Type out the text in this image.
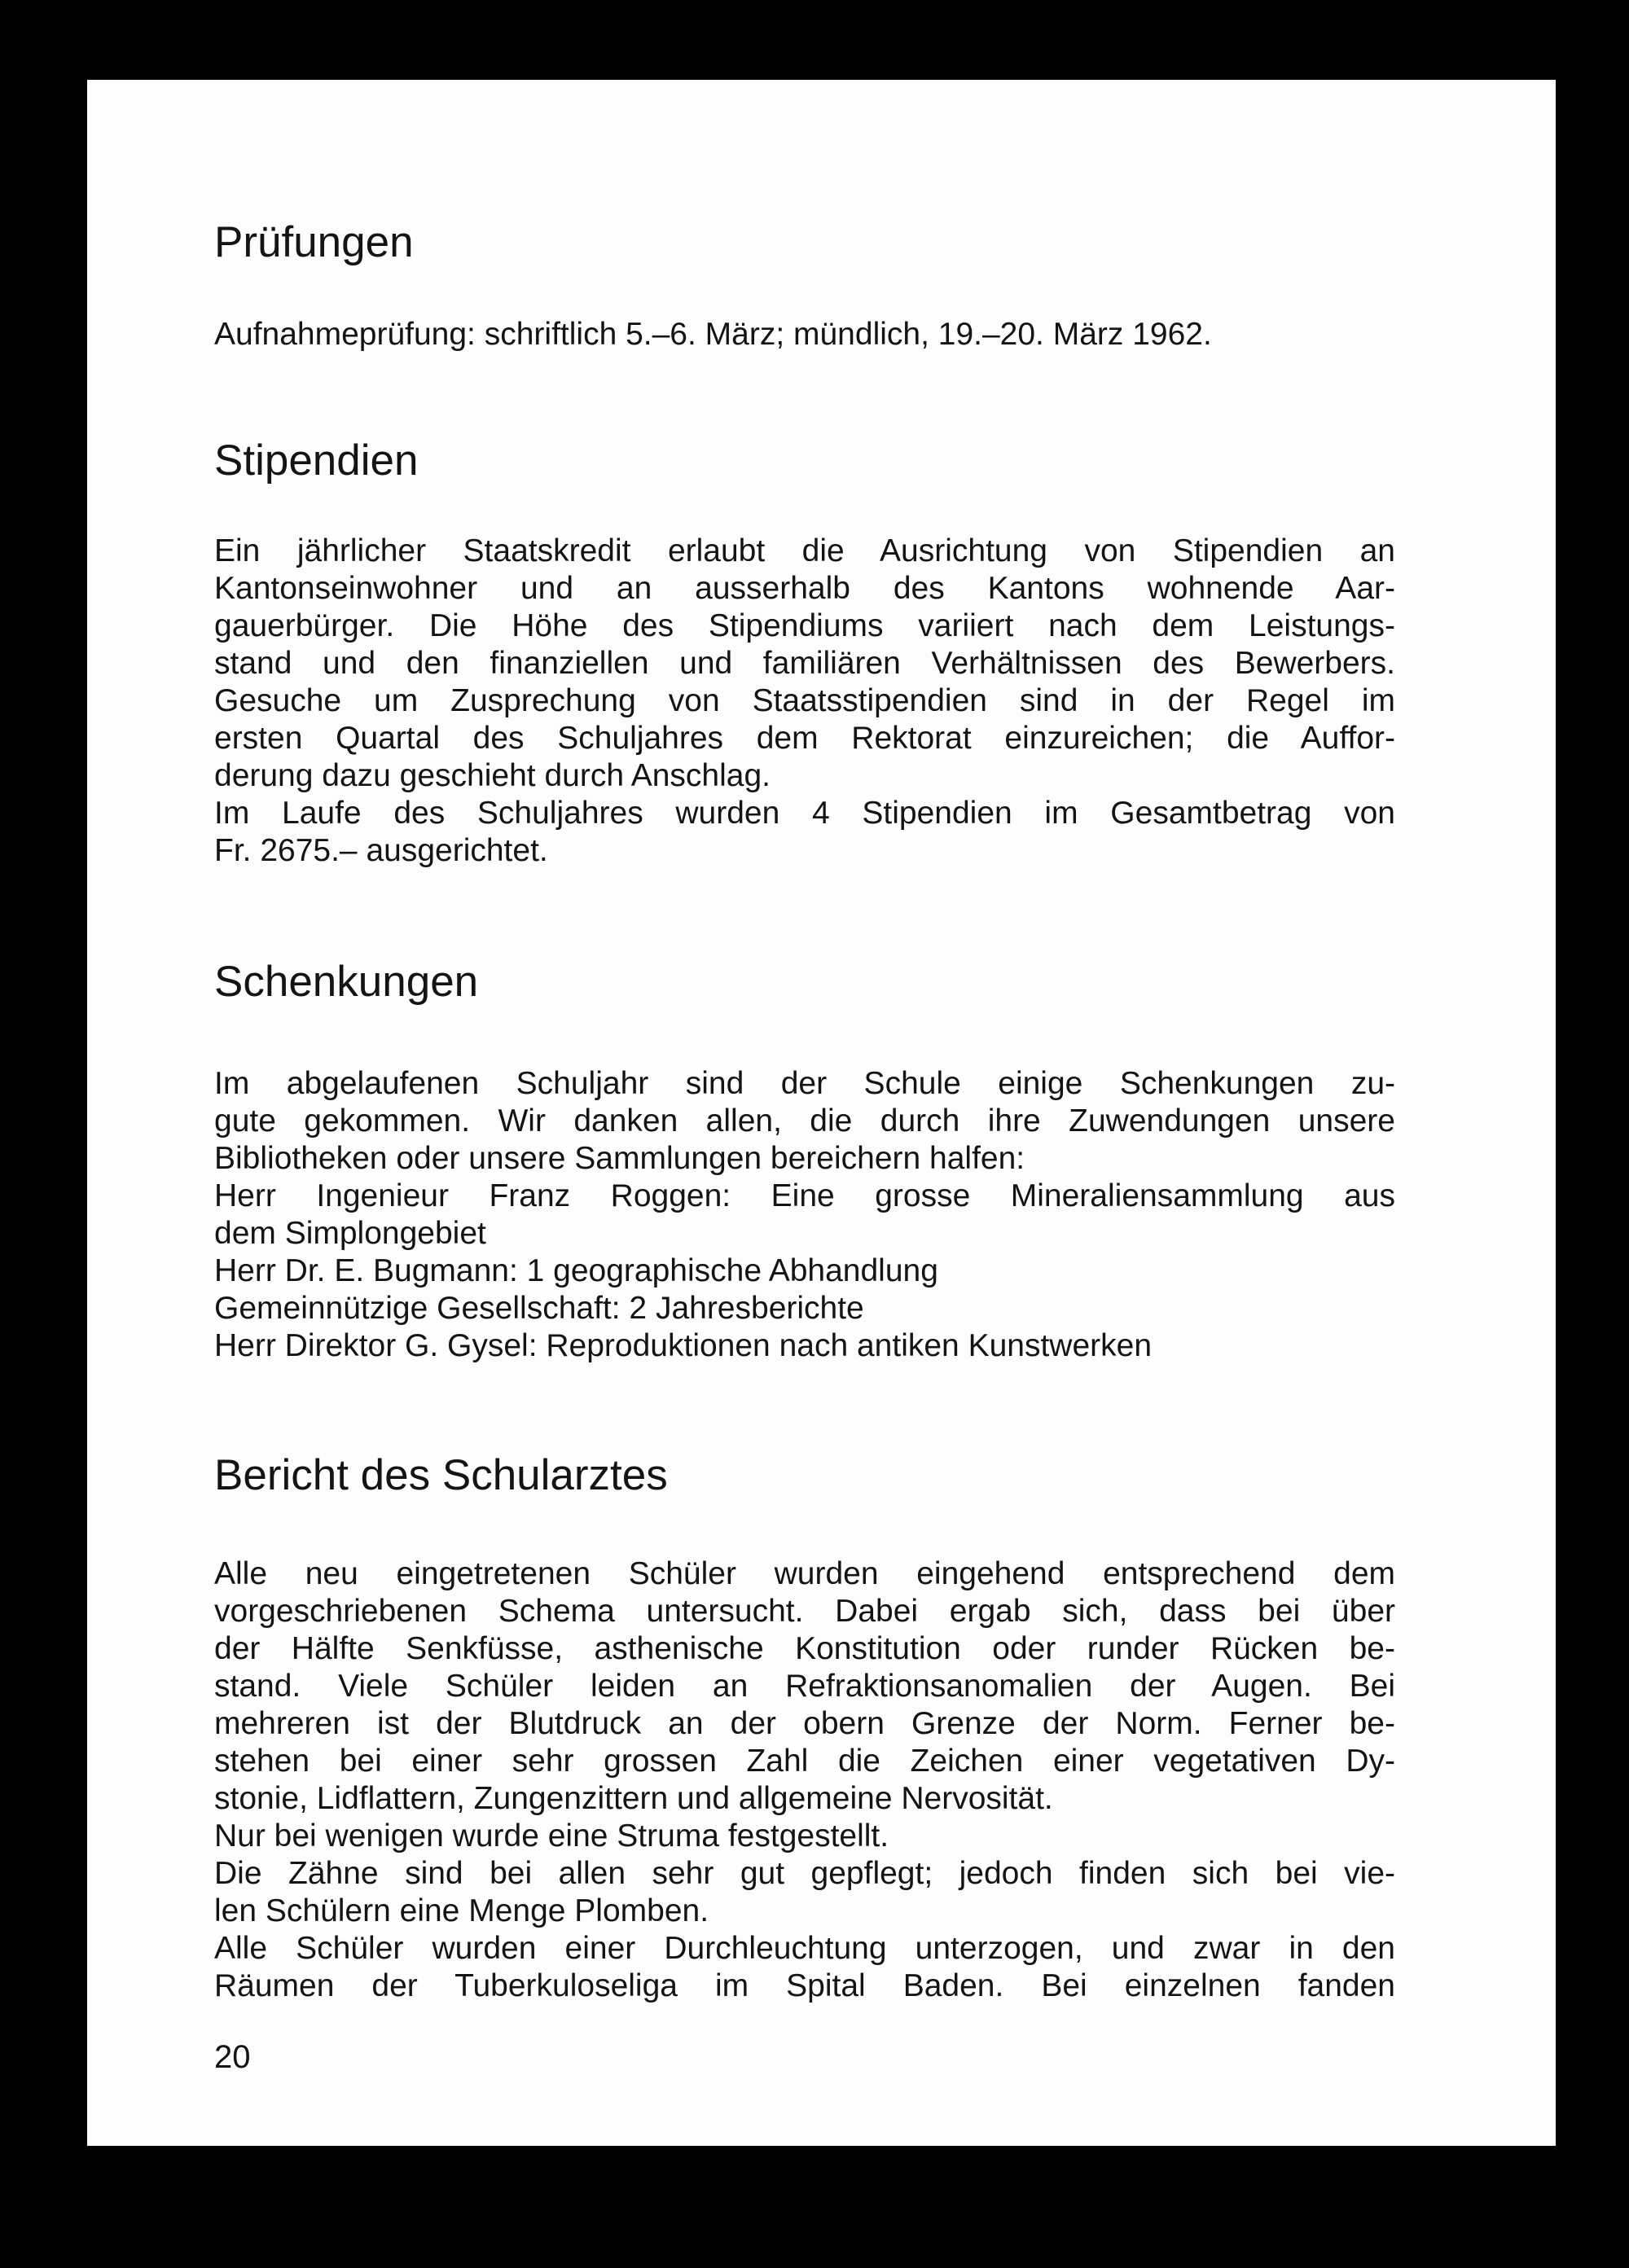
Prüfungen
Aufnahmeprüfung: schriftlich 5.–6. März; mündlich, 19.–20. März 1962.
Stipendien
Ein jährlicher Staatskredit erlaubt die Ausrichtung von Stipendien an
Kantonseinwohner und an ausserhalb des Kantons wohnende Aar-
gauerbürger. Die Höhe des Stipendiums variiert nach dem Leistungs-
stand und den finanziellen und familiären Verhältnissen des Bewerbers.
Gesuche um Zusprechung von Staatsstipendien sind in der Regel im
ersten Quartal des Schuljahres dem Rektorat einzureichen; die Auffor-
derung dazu geschieht durch Anschlag.
Im Laufe des Schuljahres wurden 4 Stipendien im Gesamtbetrag von
Fr. 2675.– ausgerichtet.
Schenkungen
Im abgelaufenen Schuljahr sind der Schule einige Schenkungen zu-
gute gekommen. Wir danken allen, die durch ihre Zuwendungen unsere
Bibliotheken oder unsere Sammlungen bereichern halfen:
Herr Ingenieur Franz Roggen: Eine grosse Mineraliensammlung aus
dem Simplongebiet
Herr Dr. E. Bugmann: 1 geographische Abhandlung
Gemeinnützige Gesellschaft: 2 Jahresberichte
Herr Direktor G. Gysel: Reproduktionen nach antiken Kunstwerken
Bericht des Schularztes
Alle neu eingetretenen Schüler wurden eingehend entsprechend dem
vorgeschriebenen Schema untersucht. Dabei ergab sich, dass bei über
der Hälfte Senkfüsse, asthenische Konstitution oder runder Rücken be-
stand. Viele Schüler leiden an Refraktionsanomalien der Augen. Bei
mehreren ist der Blutdruck an der obern Grenze der Norm. Ferner be-
stehen bei einer sehr grossen Zahl die Zeichen einer vegetativen Dy-
stonie, Lidflattern, Zungenzittern und allgemeine Nervosität.
Nur bei wenigen wurde eine Struma festgestellt.
Die Zähne sind bei allen sehr gut gepflegt; jedoch finden sich bei vie-
len Schülern eine Menge Plomben.
Alle Schüler wurden einer Durchleuchtung unterzogen, und zwar in den
Räumen der Tuberkuloseliga im Spital Baden. Bei einzelnen fanden

20
